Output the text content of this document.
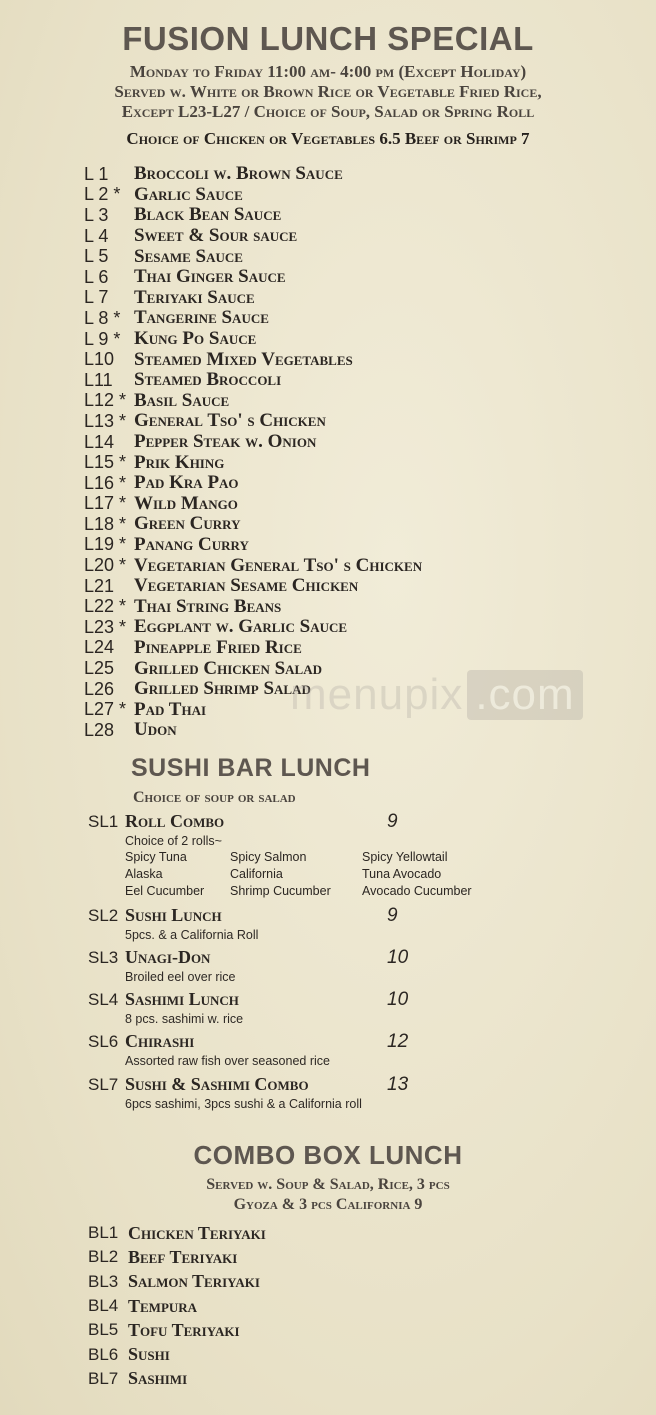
FUSION LUNCH SPECIAL
Monday to Friday 11:00 am- 4:00 pm (Except Holiday)
Served w. White or Brown Rice or Vegetable Fried Rice,
Except L23-L27 / Choice of Soup, Salad or Spring Roll
Choice of Chicken or Vegetables 6.5 Beef or Shrimp 7
L 1	Broccoli w. Brown Sauce
L 2 * Garlic Sauce
L 3	Black Bean Sauce
L 4	Sweet & Sour sauce
L 5	Sesame Sauce
L 6	Thai Ginger Sauce
L 7	Teriyaki Sauce
L 8 * Tangerine Sauce
L 9 * Kung Po Sauce
L10	Steamed Mixed Vegetables
L11	Steamed Broccoli
L12 * Basil Sauce
L13 * General Tso' s Chicken
L14	Pepper Steak w. Onion
L15 * Prik Khing
L16 * Pad Kra Pao
L17 * Wild Mango
L18 * Green Curry
L19 * Panang Curry
L20 * Vegetarian General Tso' s Chicken
L21	Vegetarian Sesame Chicken
L22 * Thai String Beans
L23 * Eggplant w. Garlic Sauce
L24	Pineapple Fried Rice
L25	Grilled Chicken Salad
L26	Grilled Shrimp Salad
L27 * Pad Thai
L28	Udon
menupix .com
SUSHI BAR LUNCH
Choice of soup or salad
SL1 Roll Combo	9
Choice of 2 rolls~
Spicy Tuna	Spicy Salmon	Spicy Yellowtail
Alaska	California	Tuna Avocado
Eel Cucumber	Shrimp Cucumber	Avocado Cucumber
SL2 Sushi Lunch	9
5pcs. & a California Roll
SL3 Unagi-Don	10
Broiled eel over rice
SL4 Sashimi Lunch	10
8 pcs. sashimi w. rice
SL6 Chirashi	12
Assorted raw fish over seasoned rice
SL7 Sushi & Sashimi Combo	13
6pcs sashimi, 3pcs sushi & a California roll
COMBO BOX LUNCH
Served w. Soup & Salad, Rice, 3 pcs
Gyoza & 3 pcs California 9
BL1 Chicken Teriyaki
BL2 Beef Teriyaki
BL3 Salmon Teriyaki
BL4 Tempura
BL5 Tofu Teriyaki
BL6 Sushi
BL7 Sashimi
